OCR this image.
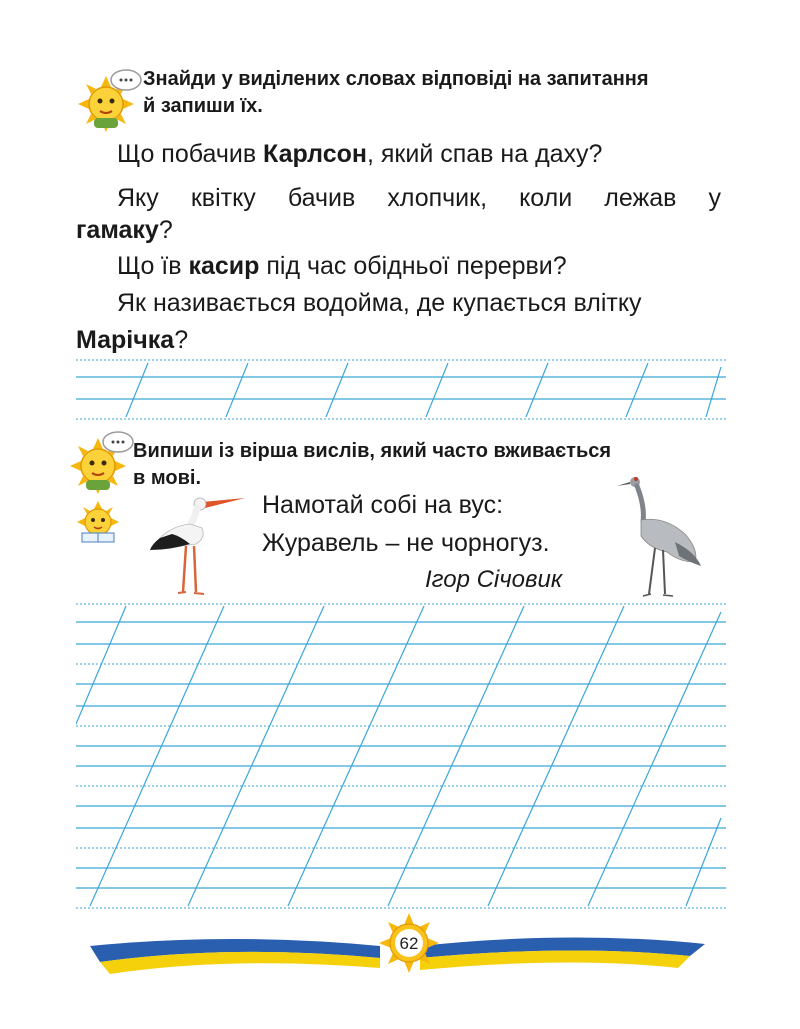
Знайди у виділених словах відповіді на запитання
й запиши їх.
Що побачив Карлсон, який спав на даху?
Яку квітку бачив хлопчик, коли лежав у
гамаку?
Що їв касир під час обідньої перерви?
Як називається водойма, де купається влітку
Марічка?
Випиши із вірша вислів, який часто вживається
в мові.
Намотай собі на вус:
Журавель – не чорногуз.
Ігор Січовик
62
